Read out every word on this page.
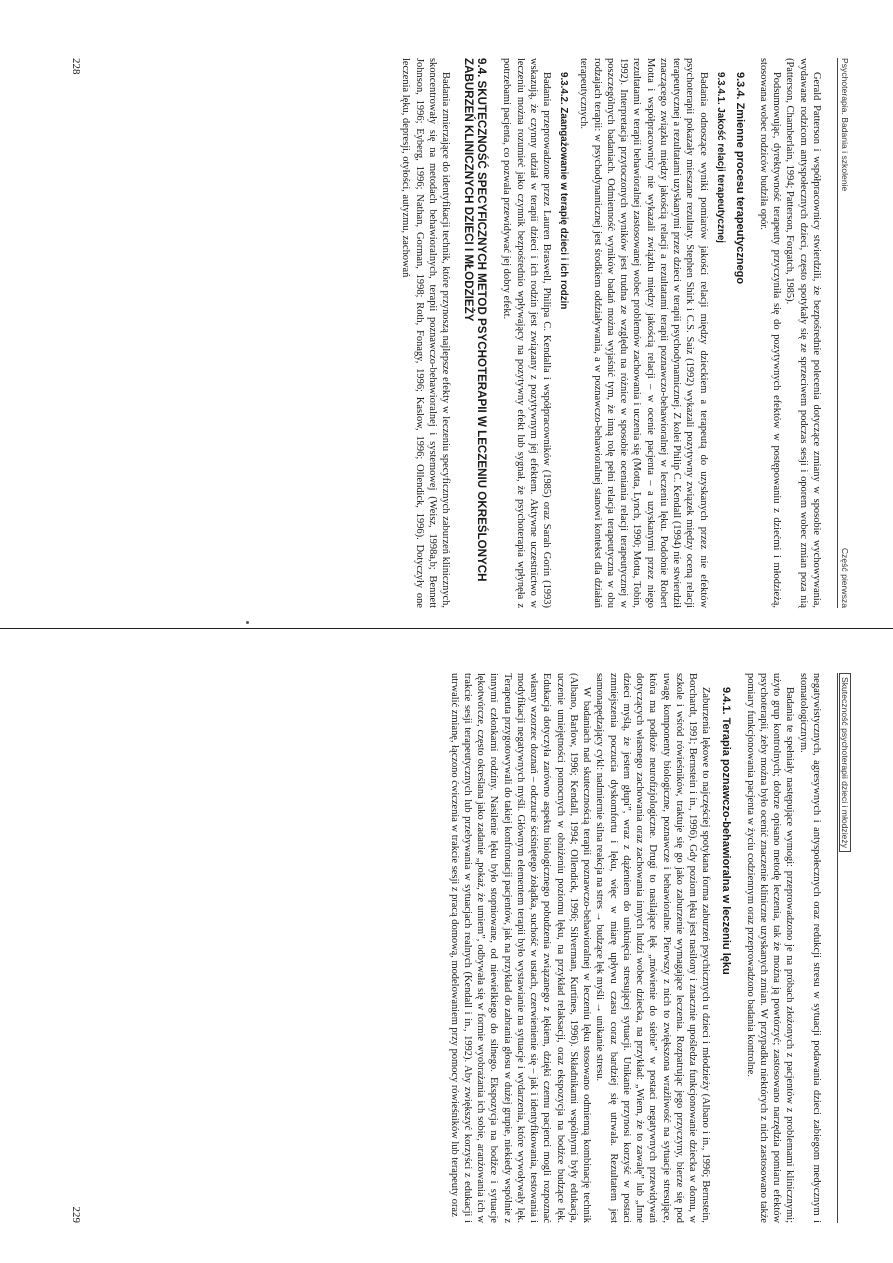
Psychoterapia. Badania i szkolenie
Część pierwsza

Gerald Patterson i współpracownicy stwierdzili, że bezpośrednie polecenia dotyczące zmiany w sposobie wychowywania, wydawane rodzicom antyspołecznych dzieci, często spotykały się ze sprzeciwem podczas sesji i oporem wobec zmian poza nią (Patterson, Chamberlain, 1994; Patterson, Forgatch, 1985).

Podsumowując, dyrektywność terapeuty przyczyniła się do pozytywnych efektów w postępowaniu z dziećmi i młodzieżą, stosowana wobec rodziców budziła opór.

9.3.4. Zmienne procesu terapeutycznego
9.3.4.1. Jakość relacji terapeutycznej

Badania odnoszące wyniki pomiarów jakości relacji między dzieckiem a terapeutą do uzyskanych przez nie efektów psychoterapii pokazały mieszane rezultaty. Stephen Shirk i C.S. Saiz (1992) wykazali pozytywny związek między oceną relacji terapeutycznej a rezultatami uzyskanymi przez dzieci w terapii psychodynamicznej. Z kolei Philip C. Kendall (1994) nie stwierdził znaczącego związku między jakością relacji a rezultatami terapii poznawczo-behawioralnej w leczeniu lęku. Podobnie Robert Motta i współpracownicy nie wykazali związku między jakością relacji – w ocenie pacjenta – a uzyskanymi przez niego rezultatami w terapii behawioralnej zastosowanej wobec problemów zachowania i uczenia się (Motta, Lynch, 1990; Motta, Tobin, 1992). Interpretacja przytoczonych wyników jest trudna ze względu na różnice w sposobie oceniania relacji terapeutycznej w poszczególnych badaniach. Odmienność wyników badań można wyjaśnić tym, że inną rolę pełni relacja terapeutyczna w obu rodzajach terapii: w psychodynamicznej jest środkiem oddziaływania, a w poznawczo-behawioralnej stanowi kontekst dla działań terapeutycznych.

9.3.4.2. Zaangażowanie w terapię dzieci i ich rodzin

Badania przeprowadzone przez Lauren Braswell, Philipa C. Kendalla i współpracowników (1985) oraz Sarah Gorin (1993) wskazują, że czynny udział w terapii dzieci i ich rodzin jest związany z pozytywnym jej efektem. Aktywne uczestnictwo w leczeniu można rozumieć jako czynnik bezpośrednio wpływający na pozytywny efekt lub sygnał, że psychoterapia wpłynęła z potrzebami pacjenta, co pozwala przewidywać jej dobry efekt.

9.4. SKUTECZNOŚĆ SPECYFICZNYCH METOD PSYCHOTERAPII W LECZENIU OKREŚLONYCH ZABURZEŃ KLINICZNYCH DZIECI I MŁODZIEŻY

Badania zmierzające do identyfikacji technik, które przynoszą najlepsze efekty w leczeniu specyficznych zaburzeń klinicznych, skoncentrowały się na metodach behawioralnych, terapii poznawczo-behawioralnej i systemowej (Weisz, 1998a,b; Bennett Johnson, 1996; Eyberg, 1996; Nathan, Gorman, 1998; Roth, Fonagy, 1996; Kaslow, 1996; Ollendick, 1996). Dotyczyły one leczenia lęku, depresji, otyłości, autyzmu, zachowań

228
Skuteczność psychoterapii dzieci i młodzieży

negatywistycznych, agresywnych i antyspołecznych oraz redukcji stresu w sytuacji podawania dzieci zabiegom medycznym i stomatologicznym.

Badania te spełniały następujące wymogi: przeprowadzono je na próbach złożonych z pacjentów z problemami klinicznymi; użyto grup kontrolnych; dobrze opisano metodę leczenia, tak że można ją powtórzyć; zastosowano narzędzia pomiaru efektów psychoterapii, żeby można było ocenić znaczenie kliniczne uzyskanych zmian. W przypadku niektórych z nich zastosowano także pomiary funkcjonowania pacjenta w życiu codziennym oraz przeprowadzono badania kontrolne.

9.4.1. Terapia poznawczo-behawioralna w leczeniu lęku

Zaburzenia lękowe to najczęściej spotykana forma zaburzeń psychicznych u dzieci i młodzieży (Albano i in., 1996; Bernstein, Borchardt, 1991; Bernstein i in., 1996). Gdy poziom lęku jest nasilony i znacznie upośledza funkcjonowanie dziecka w domu, w szkole i wśród rówieśników, traktuje się go jako zaburzenie wymagające leczenia. Rozpatrując jego przyczyny, bierze się pod uwagę komponenty biologiczne, poznawcze i behawioralne. Pierwszy z nich to zwiększona wrażliwość na sytuacje stresujące, która ma podłoże neurofizjologiczne. Drugi to nasilające lęk „mówienie do siebie” w postaci negatywnych przewidywań dotyczących własnego zachowania oraz zachowania innych ludzi wobec dziecka, na przykład: „Wiem, że to zawalę” lub „Inne dzieci myślą, że jestem głupi”, wraz z dążeniem do uniknięcia stresującej sytuacji. Unikanie przynosi korzyść w postaci zmniejszenia poczucia dyskomfortu i lęku, więc w miarę upływu czasu coraz bardziej się utrwala. Rezultatem jest samonapędzający cykl: nadmiernie silna reakcja na stres → budzące lęk myśli → unikanie stresu.

W badaniach nad skutecznością terapii poznawczo-behawioralnej w leczeniu lęku stosowano odmienną kombinację technik (Albano, Barlow, 1996; Kendall, 1994; Ollendick, 1996; Silverman, Kurtines, 1996). Składnikami wspólnymi były edukacja, uczenie umiejętności pomocnych w obniżeniu poziomu lęku, na przykład relaksacji, oraz ekspozycja na bodźce budzące lęk. Edukacja dotyczyła zarówno aspektu biologicznego pobudzenia związanego z lękiem, dzięki czemu pacjenci mogli rozpoznać własny wzorzec doznań – odczucie ściśniętego żołądka, suchość w ustach, czerwienienie się – jak i identyfikowania, testowania i modyfikacji negatywnych myśli. Głównym elementem terapii było wystawianie na sytuacje i wydarzenia, które wywoływały lęk. Terapeuta przygotowywali do takiej konfrontacji pacjentów, jak na przykład do zabrania głosu w dużej grupie, niekiedy wspólnie z innymi członkami rodziny. Nasilenie lęku było stopniowane, od niewielkiego do silnego. Ekspozycja na bodźce i sytuacje lękotwórcze, często określana jako zadanie „pokaż, że umiem”, odbywała się w formie wyobrażania ich sobie, aranżowania ich w trakcie sesji terapeutycznych lub przebywania w sytuacjach realnych (Kendall i in., 1992). Aby zwiększyć korzyści z edukacji i utrwalić zmianę, łączono ćwiczenia w trakcie sesji z pracą domową, modelowaniem przy pomocy rówieśników lub terapeuty oraz

229
